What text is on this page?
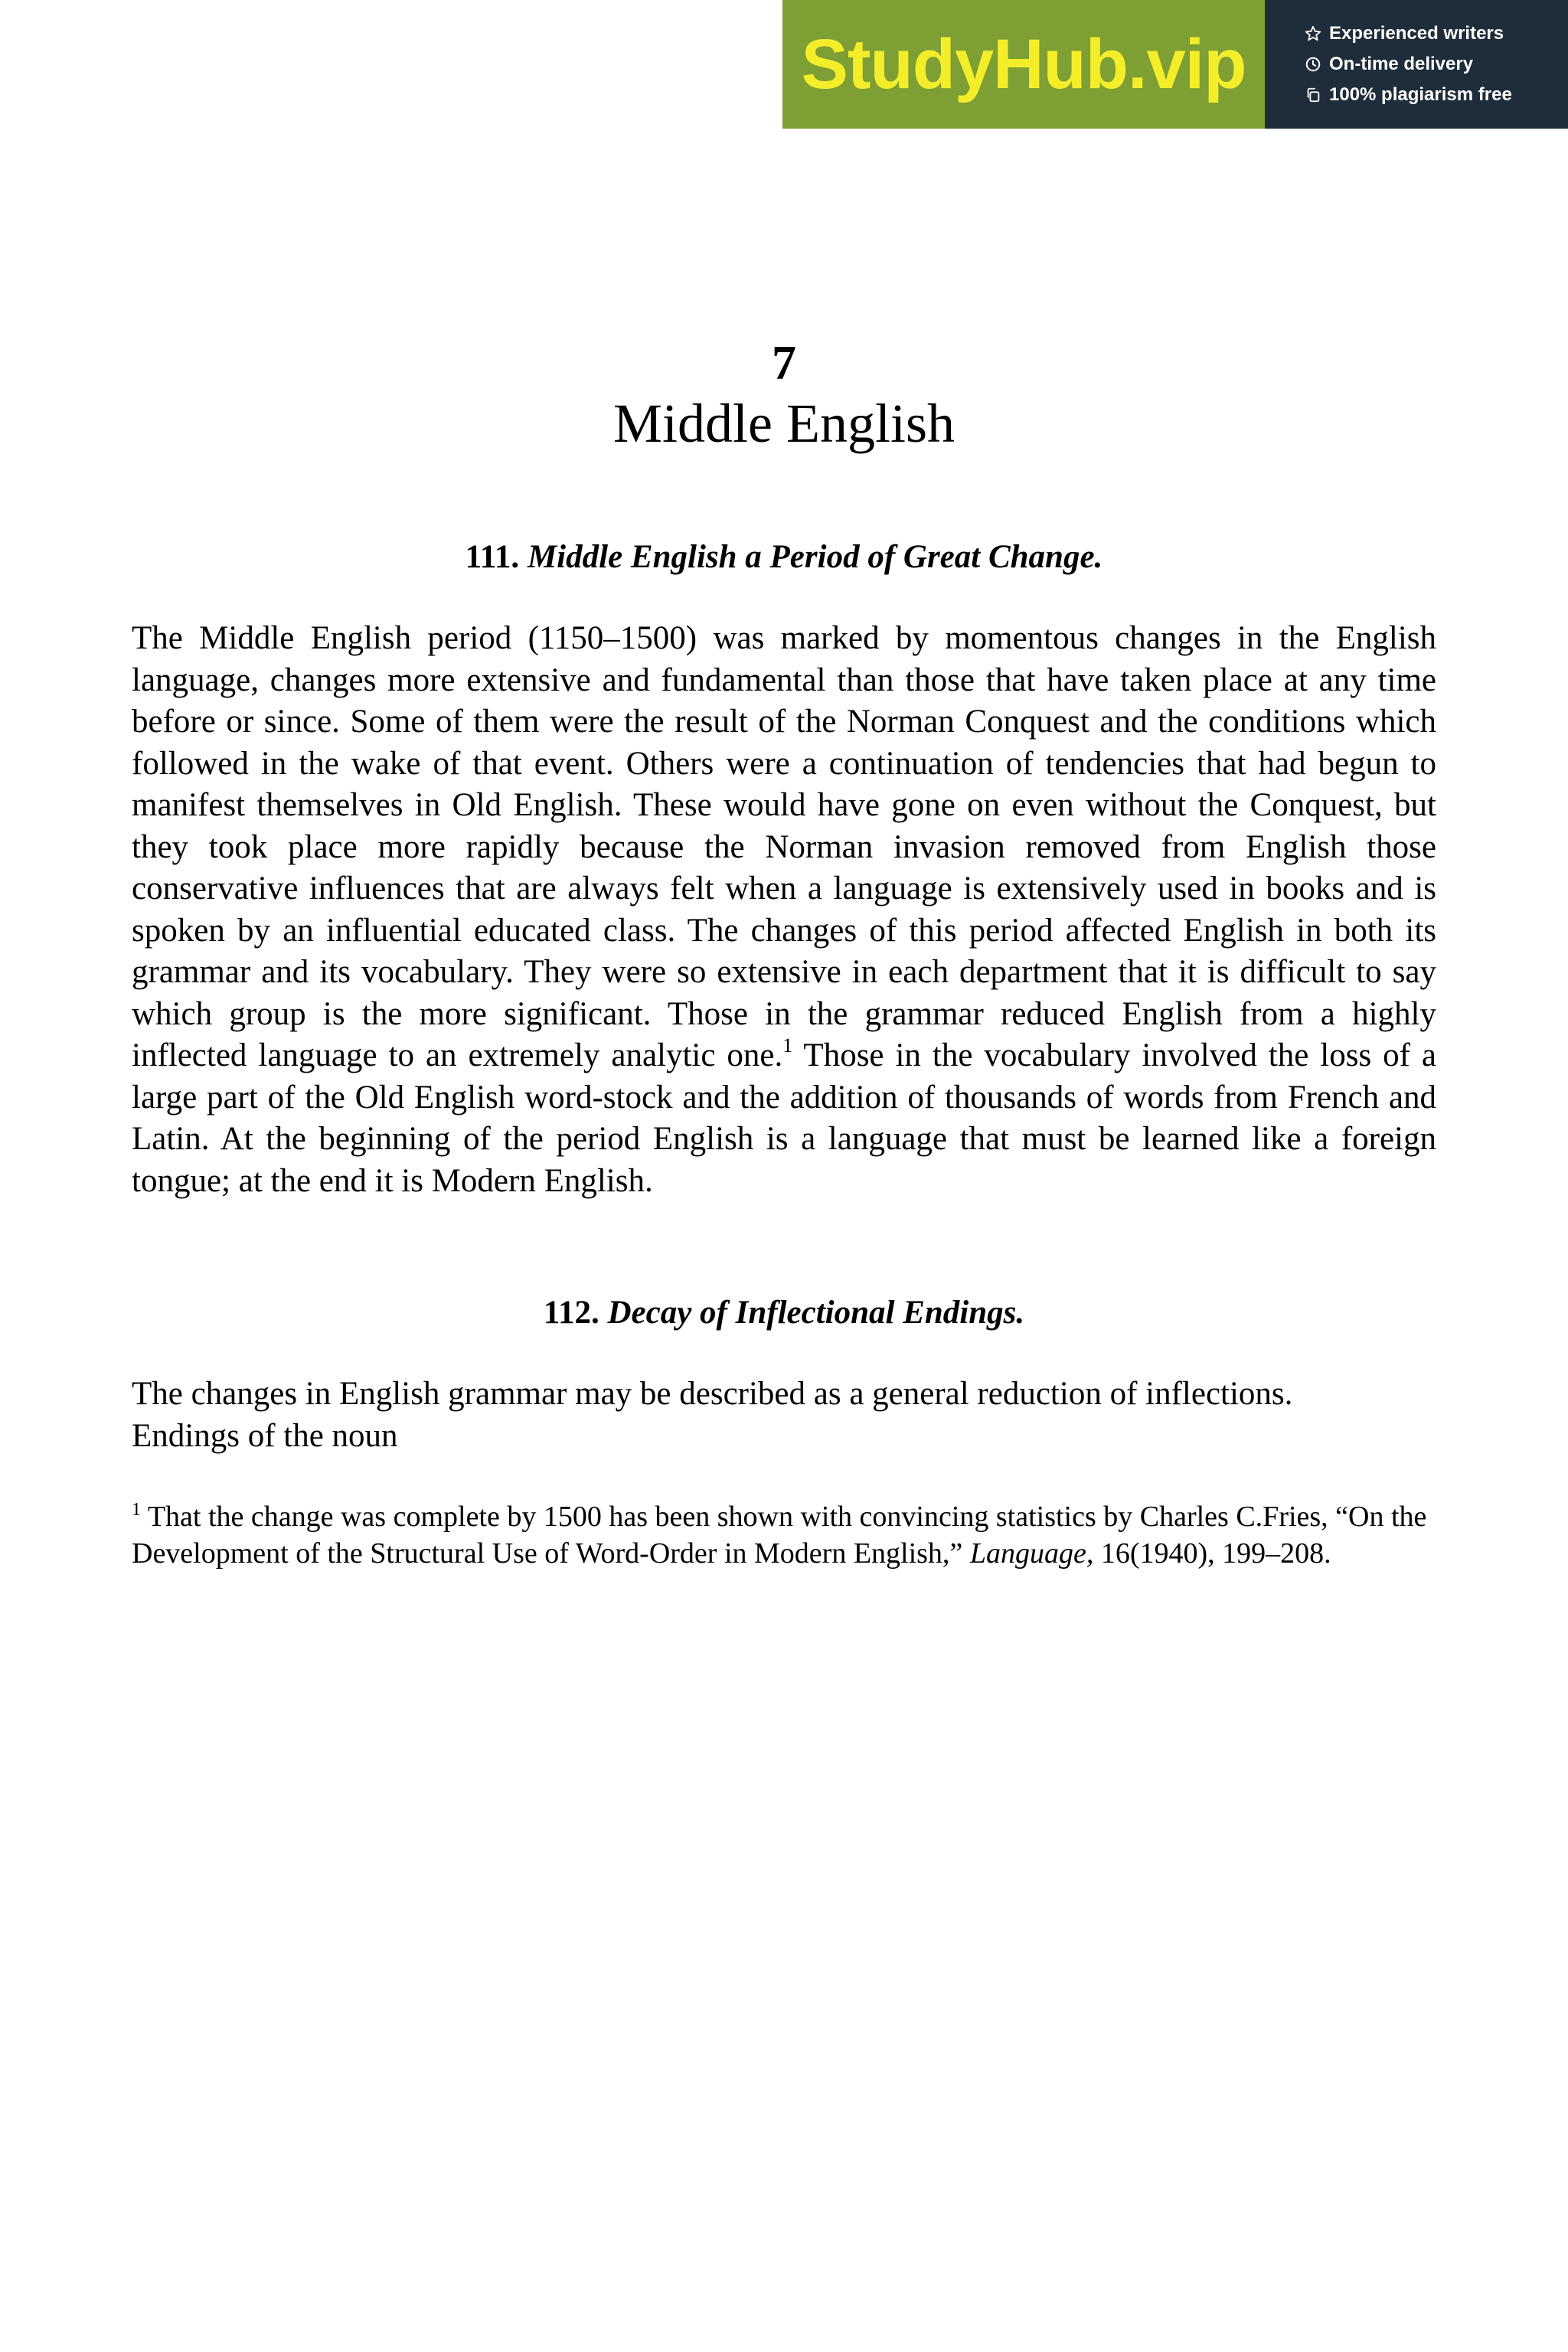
StudyHub .vip	Experienced writers
On-time delivery
100% plagiarism free
7
Middle English
111. Middle English a Period of Great Change.

The Middle English period (1150–1500) was marked by momentous changes in the English language, changes more extensive and fundamental than those that have taken place at any time before or since. Some of them were the result of the Norman Conquest and the conditions which followed in the wake of that event. Others were a continuation of tendencies that had begun to manifest themselves in Old English. These would have gone on even without the Conquest, but they took place more rapidly because the Norman invasion removed from English those conservative influences that are always felt when a language is extensively used in books and is spoken by an influential educated class. The changes of this period affected English in both its grammar and its vocabulary. They were so extensive in each department that it is difficult to say which group is the more significant. Those in the grammar reduced English from a highly inflected language to an extremely analytic one.$^1$ Those in the vocabulary involved the loss of a large part of the Old English word-stock and the addition of thousands of words from French and Latin. At the beginning of the period English is a language that must be learned like a foreign tongue; at the end it is Modern English.

112. Decay of Inflectional Endings.
The changes in English grammar may be described as a general reduction of inflections.
Endings of the noun

$^1$ That the change was complete by 1500 has been shown with convincing statistics by Charles C.Fries, “On the Development of the Structural Use of Word-Order in Modern English,” Language, 16(1940), 199–208.
